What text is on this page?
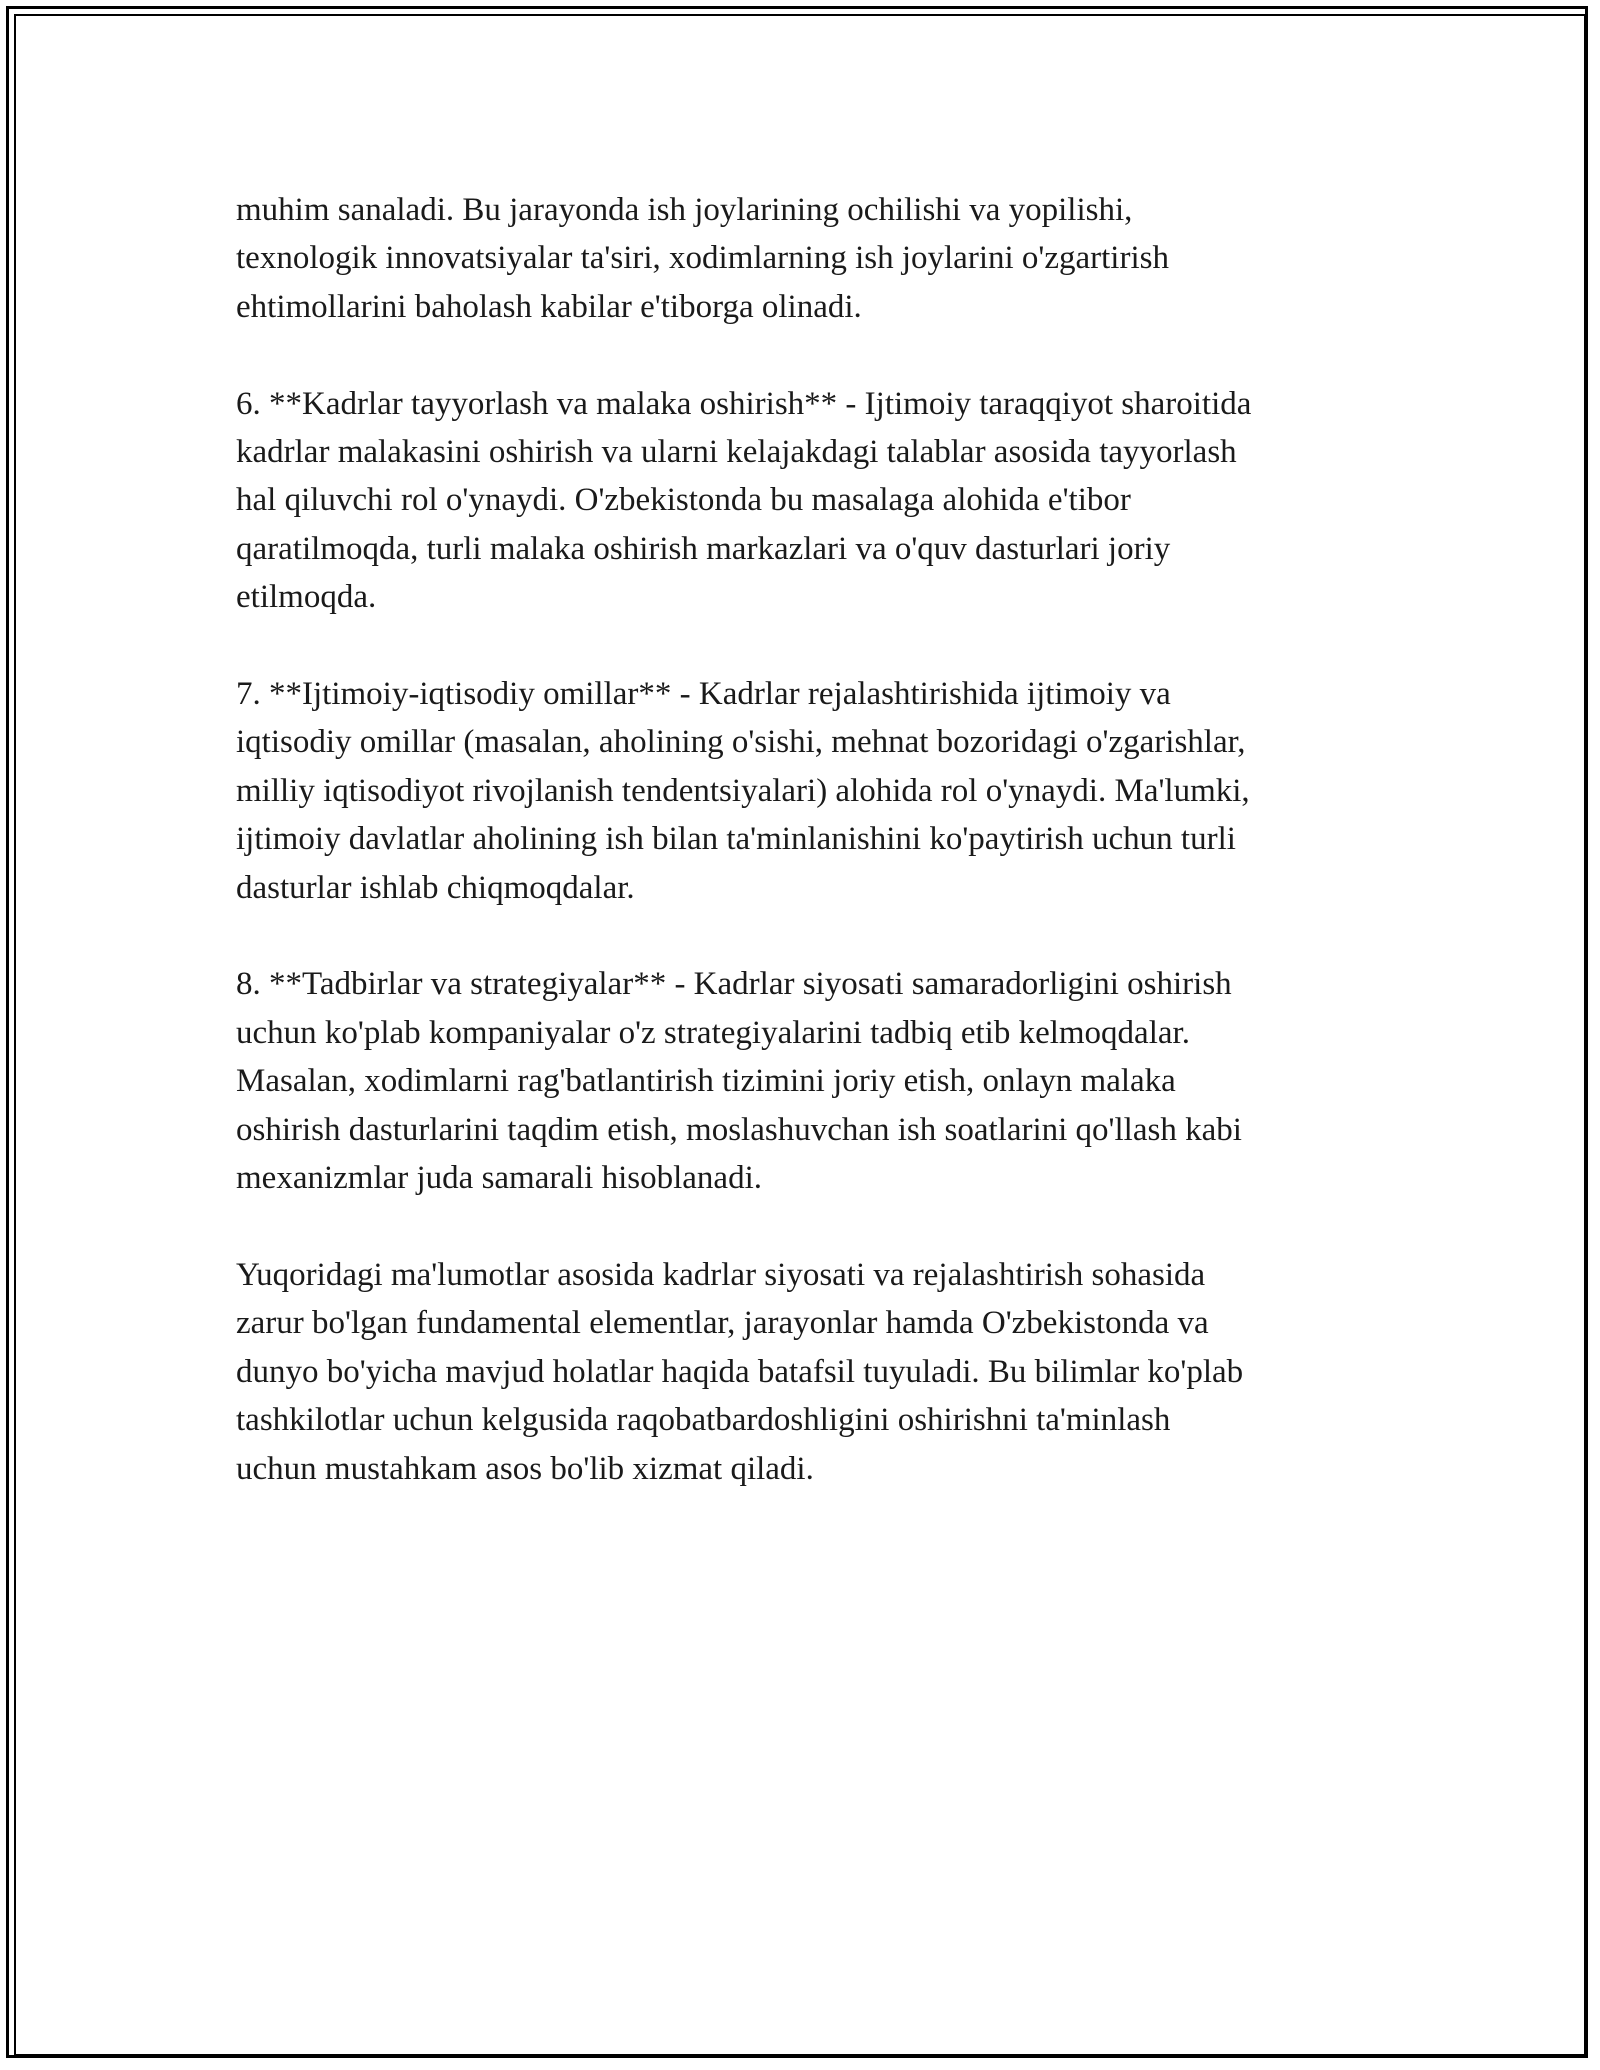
muhim sanaladi. Bu jarayonda ish joylarining ochilishi va yopilishi,
texnologik innovatsiyalar ta'siri, xodimlarning ish joylarini o'zgartirish
ehtimollarini baholash kabilar e'tiborga olinadi.

6. **Kadrlar tayyorlash va malaka oshirish** - Ijtimoiy taraqqiyot sharoitida
kadrlar malakasini oshirish va ularni kelajakdagi talablar asosida tayyorlash
hal qiluvchi rol o'ynaydi. O'zbekistonda bu masalaga alohida e'tibor
qaratilmoqda, turli malaka oshirish markazlari va o'quv dasturlari joriy
etilmoqda.

7. **Ijtimoiy-iqtisodiy omillar** - Kadrlar rejalashtirishida ijtimoiy va
iqtisodiy omillar (masalan, aholining o'sishi, mehnat bozoridagi o'zgarishlar,
milliy iqtisodiyot rivojlanish tendentsiyalari) alohida rol o'ynaydi. Ma'lumki,
ijtimoiy davlatlar aholining ish bilan ta'minlanishini ko'paytirish uchun turli
dasturlar ishlab chiqmoqdalar.

8. **Tadbirlar va strategiyalar** - Kadrlar siyosati samaradorligini oshirish
uchun ko'plab kompaniyalar o'z strategiyalarini tadbiq etib kelmoqdalar.
Masalan, xodimlarni rag'batlantirish tizimini joriy etish, onlayn malaka
oshirish dasturlarini taqdim etish, moslashuvchan ish soatlarini qo'llash kabi
mexanizmlar juda samarali hisoblanadi.

Yuqoridagi ma'lumotlar asosida kadrlar siyosati va rejalashtirish sohasida
zarur bo'lgan fundamental elementlar, jarayonlar hamda O'zbekistonda va
dunyo bo'yicha mavjud holatlar haqida batafsil tuyuladi. Bu bilimlar ko'plab
tashkilotlar uchun kelgusida raqobatbardoshligini oshirishni ta'minlash
uchun mustahkam asos bo'lib xizmat qiladi.
